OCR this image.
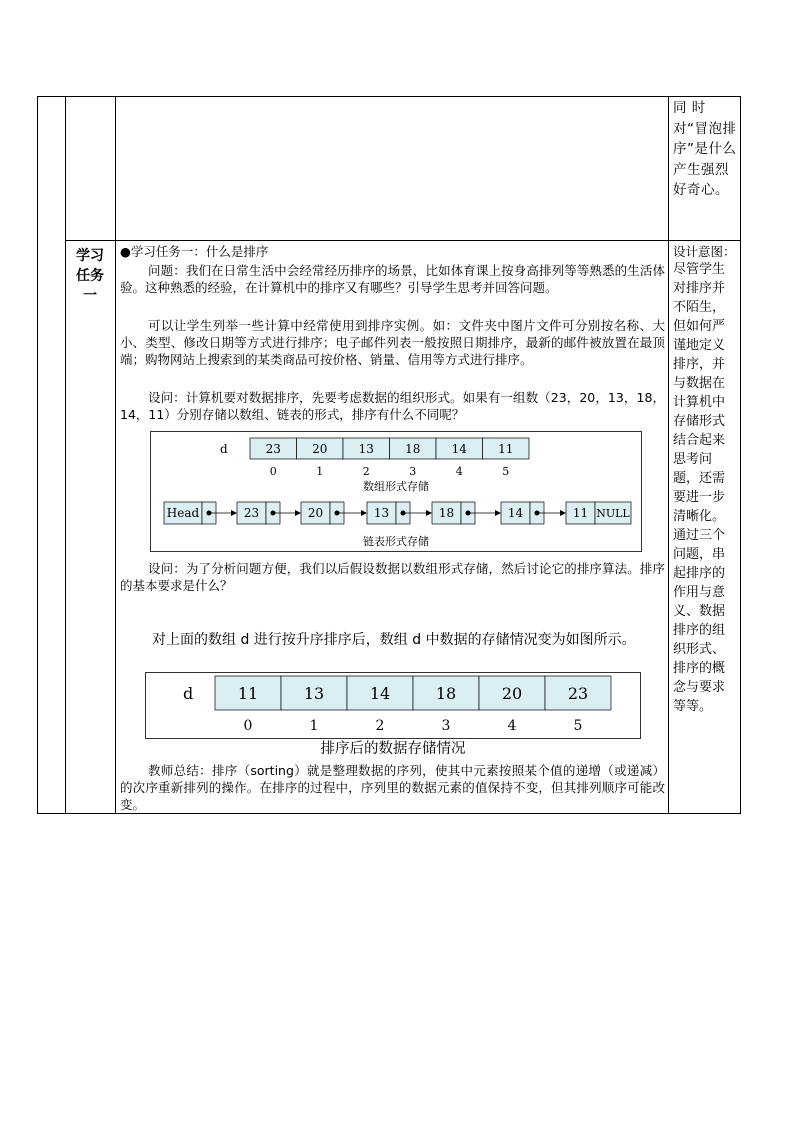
同 时 对“冒泡排序”是什么产生强烈好奇心。
学习任务一
设计意图：
尽管学生对排序并不陌生，但如何严谨地定义排序，并与数据在计算机中存储形式结合起来思考问题，还需要进一步清晰化。通过三个问题，串起排序的作用与意义、数据排序的组织形式、排序的概念与要求等等。
●学习任务一：什么是排序
问题：我们在日常生活中会经常经历排序的场景，比如体育课上按身高排列等等熟悉的生活体验。这种熟悉的经验，在计算机中的排序又有哪些？引导学生思考并回答问题。
可以让学生列举一些计算中经常使用到排序实例。如：文件夹中图片文件可分别按名称、大小、类型、修改日期等方式进行排序；电子邮件列表一般按照日期排序，最新的邮件被放置在最顶端；购物网站上搜索到的某类商品可按价格、销量、信用等方式进行排序。
设问：计算机要对数据排序，先要考虑数据的组织形式。如果有一组数（23，20，13，18，14，11）分别存储以数组、链表的形式，排序有什么不同呢？
d	23	20	13	18	14	11
0	1	2	3	4	5
数组形式存储
Head	23	20	13	18	14	11 NULL
链表形式存储
设问：为了分析问题方便，我们以后假设数据以数组形式存储，然后讨论它的排序算法。排序的基本要求是什么？
对上面的数组 d 进行按升序排序后，数组 d 中数据的存储情况变为如图所示。
d	11	13	14	18	20	23
0	1	2	3	4	5
排序后的数据存储情况
教师总结：排序（sorting）就是整理数据的序列，使其中元素按照某个值的递增（或递减）的次序重新排列的操作。在排序的过程中，序列里的数据元素的值保持不变，但其排列顺序可能改变。
